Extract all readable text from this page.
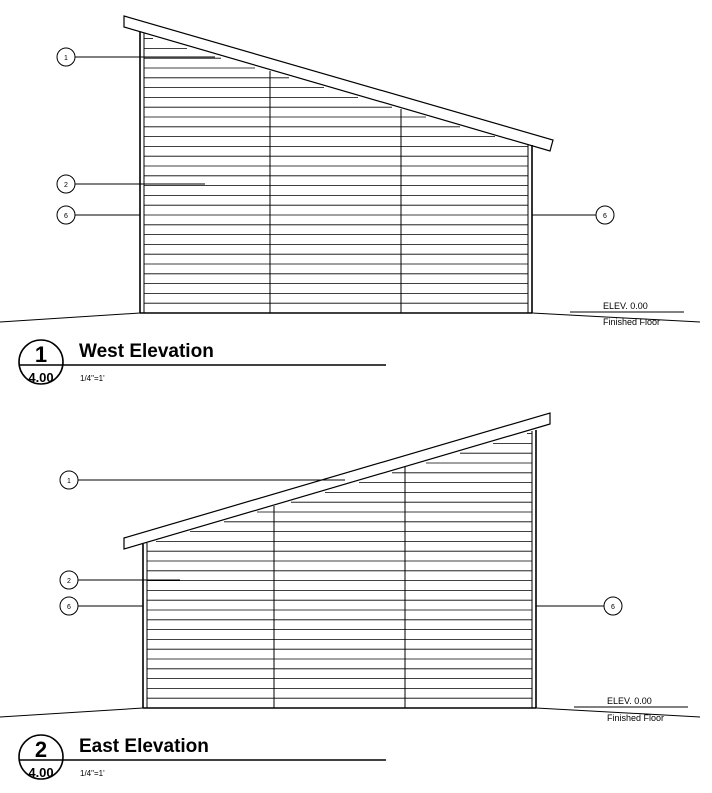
1
2
6	6
ELEV. 0.00
Finished Floor
1
4.00
West Elevation
1/4"=1'
1
2
6	6
ELEV. 0.00
Finished Floor
2
4.00
East Elevation
1/4"=1'
